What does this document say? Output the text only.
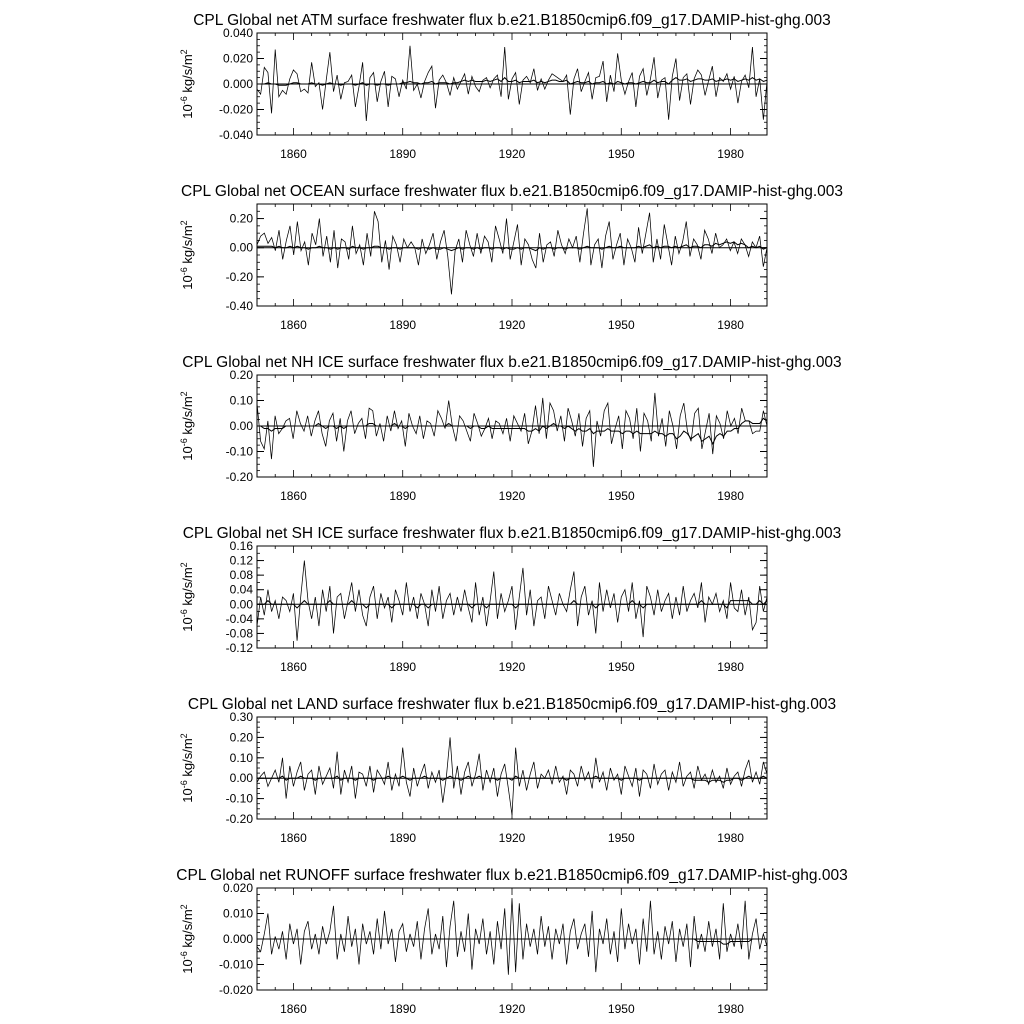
CPL Global net ATM surface freshwater flux b.e21.B1850cmip6.f09_g17.DAMIP-hist-ghg.003
-0.040
-0.020
0.000
0.020
0.040
1860	1890	1920	1950	1980
$10^{-6}$ $kg/s/m^2$
CPL Global net OCEAN surface freshwater flux b.e21.B1850cmip6.f09_g17.DAMIP-hist-ghg.003
-0.40
-0.20
0.00
0.20
1860	1890	1920	1950	1980
$10^{-6}$ $kg/s/m^2$
CPL Global net NH ICE surface freshwater flux b.e21.B1850cmip6.f09_g17.DAMIP-hist-ghg.003
-0.20
-0.10
0.00
0.10
0.20
1860	1890	1920	1950	1980
$10^{-6}$ $kg/s/m^2$
CPL Global net SH ICE surface freshwater flux b.e21.B1850cmip6.f09_g17.DAMIP-hist-ghg.003
-0.12
-0.08
-0.04
0.00
0.04
0.08
0.12
0.16
1860	1890	1920	1950	1980
$10^{-6}$ $kg/s/m^2$
CPL Global net LAND surface freshwater flux b.e21.B1850cmip6.f09_g17.DAMIP-hist-ghg.003
-0.20
-0.10
0.00
0.10
0.20
0.30
1860	1890	1920	1950	1980
$10^{-6}$ $kg/s/m^2$
CPL Global net RUNOFF surface freshwater flux b.e21.B1850cmip6.f09_g17.DAMIP-hist-ghg.003
-0.020
-0.010
0.000
0.010
0.020
1860	1890	1920	1950	1980
$10^{-6}$ $kg/s/m^2$
